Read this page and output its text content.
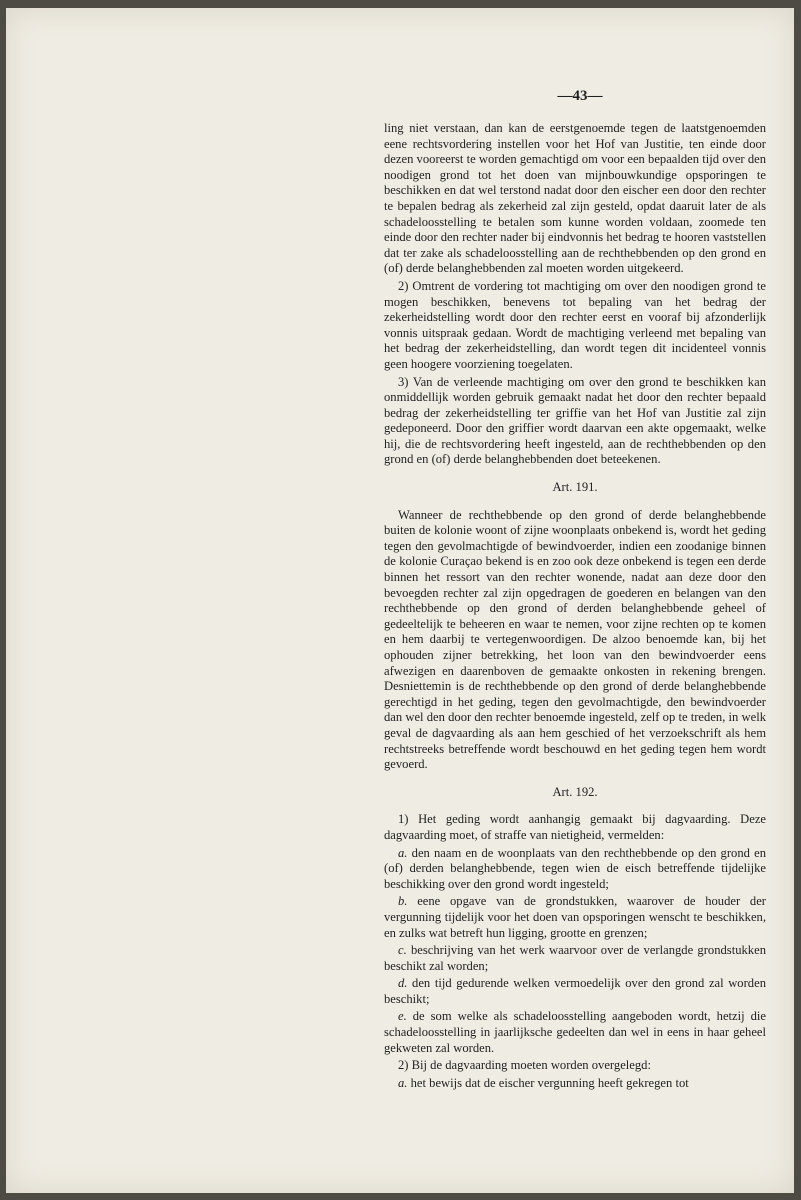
—43—

ling niet verstaan, dan kan de eerstgenoemde tegen de laatstgenoemden eene rechtsvordering instellen voor het Hof van Justitie, ten einde door dezen vooreerst te worden gemachtigd om voor een bepaalden tijd over den noodigen grond tot het doen van mijnbouwkundige opsporingen te beschikken en dat wel terstond nadat door den eischer een door den rechter te bepalen bedrag als zekerheid zal zijn gesteld, opdat daaruit later de als schadeloosstelling te betalen som kunne worden voldaan, zoomede ten einde door den rechter nader bij eindvonnis het bedrag te hooren vaststellen dat ter zake als schadeloosstelling aan de rechthebbenden op den grond en (of) derde belanghebbenden zal moeten worden uitgekeerd.

2) Omtrent de vordering tot machtiging om over den noodigen grond te mogen beschikken, benevens tot bepaling van het bedrag der zekerheidstelling wordt door den rechter eerst en vooraf bij afzonderlijk vonnis uitspraak gedaan. Wordt de machtiging verleend met bepaling van het bedrag der zekerheidstelling, dan wordt tegen dit incidenteel vonnis geen hoogere voorziening toegelaten.

3) Van de verleende machtiging om over den grond te beschikken kan onmiddellijk worden gebruik gemaakt nadat het door den rechter bepaald bedrag der zekerheidstelling ter griffie van het Hof van Justitie zal zijn gedeponeerd. Door den griffier wordt daarvan een akte opgemaakt, welke hij, die de rechtsvordering heeft ingesteld, aan de rechthebbenden op den grond en (of) derde belanghebbenden doet beteekenen.

Art. 191.

Wanneer de rechthebbende op den grond of derde belanghebbende buiten de kolonie woont of zijne woonplaats onbekend is, wordt het geding tegen den gevolmachtigde of bewindvoerder, indien een zoodanige binnen de kolonie Curaçao bekend is en zoo ook deze onbekend is tegen een derde binnen het ressort van den rechter wonende, nadat aan deze door den bevoegden rechter zal zijn opgedragen de goederen en belangen van den rechthebbende op den grond of derden belanghebbende geheel of gedeeltelijk te beheeren en waar te nemen, voor zijne rechten op te komen en hem daarbij te vertegenwoordigen. De alzoo benoemde kan, bij het ophouden zijner betrekking, het loon van den bewindvoerder eens afwezigen en daarenboven de gemaakte onkosten in rekening brengen. Desniettemin is de rechthebbende op den grond of derde belanghebbende gerechtigd in het geding, tegen den gevolmachtigde, den bewindvoerder dan wel den door den rechter benoemde ingesteld, zelf op te treden, in welk geval de dagvaarding als aan hem geschied of het verzoekschrift als hem rechtstreeks betreffende wordt beschouwd en het geding tegen hem wordt gevoerd.

Art. 192.

1) Het geding wordt aanhangig gemaakt bij dagvaarding. Deze dagvaarding moet, of straffe van nietigheid, vermelden:

a. den naam en de woonplaats van den rechthebbende op den grond en (of) derden belanghebbende, tegen wien de eisch betreffende tijdelijke beschikking over den grond wordt ingesteld;

b. eene opgave van de grondstukken, waarover de houder der vergunning tijdelijk voor het doen van opsporingen wenscht te beschikken, en zulks wat betreft hun ligging, grootte en grenzen;

c. beschrijving van het werk waarvoor over de verlangde grondstukken beschikt zal worden;

d. den tijd gedurende welken vermoedelijk over den grond zal worden beschikt;

e. de som welke als schadeloosstelling aangeboden wordt, hetzij die schadeloosstelling in jaarlijksche gedeelten dan wel in eens in haar geheel gekweten zal worden.

2) Bij de dagvaarding moeten worden overgelegd:

a. het bewijs dat de eischer vergunning heeft gekregen tot
